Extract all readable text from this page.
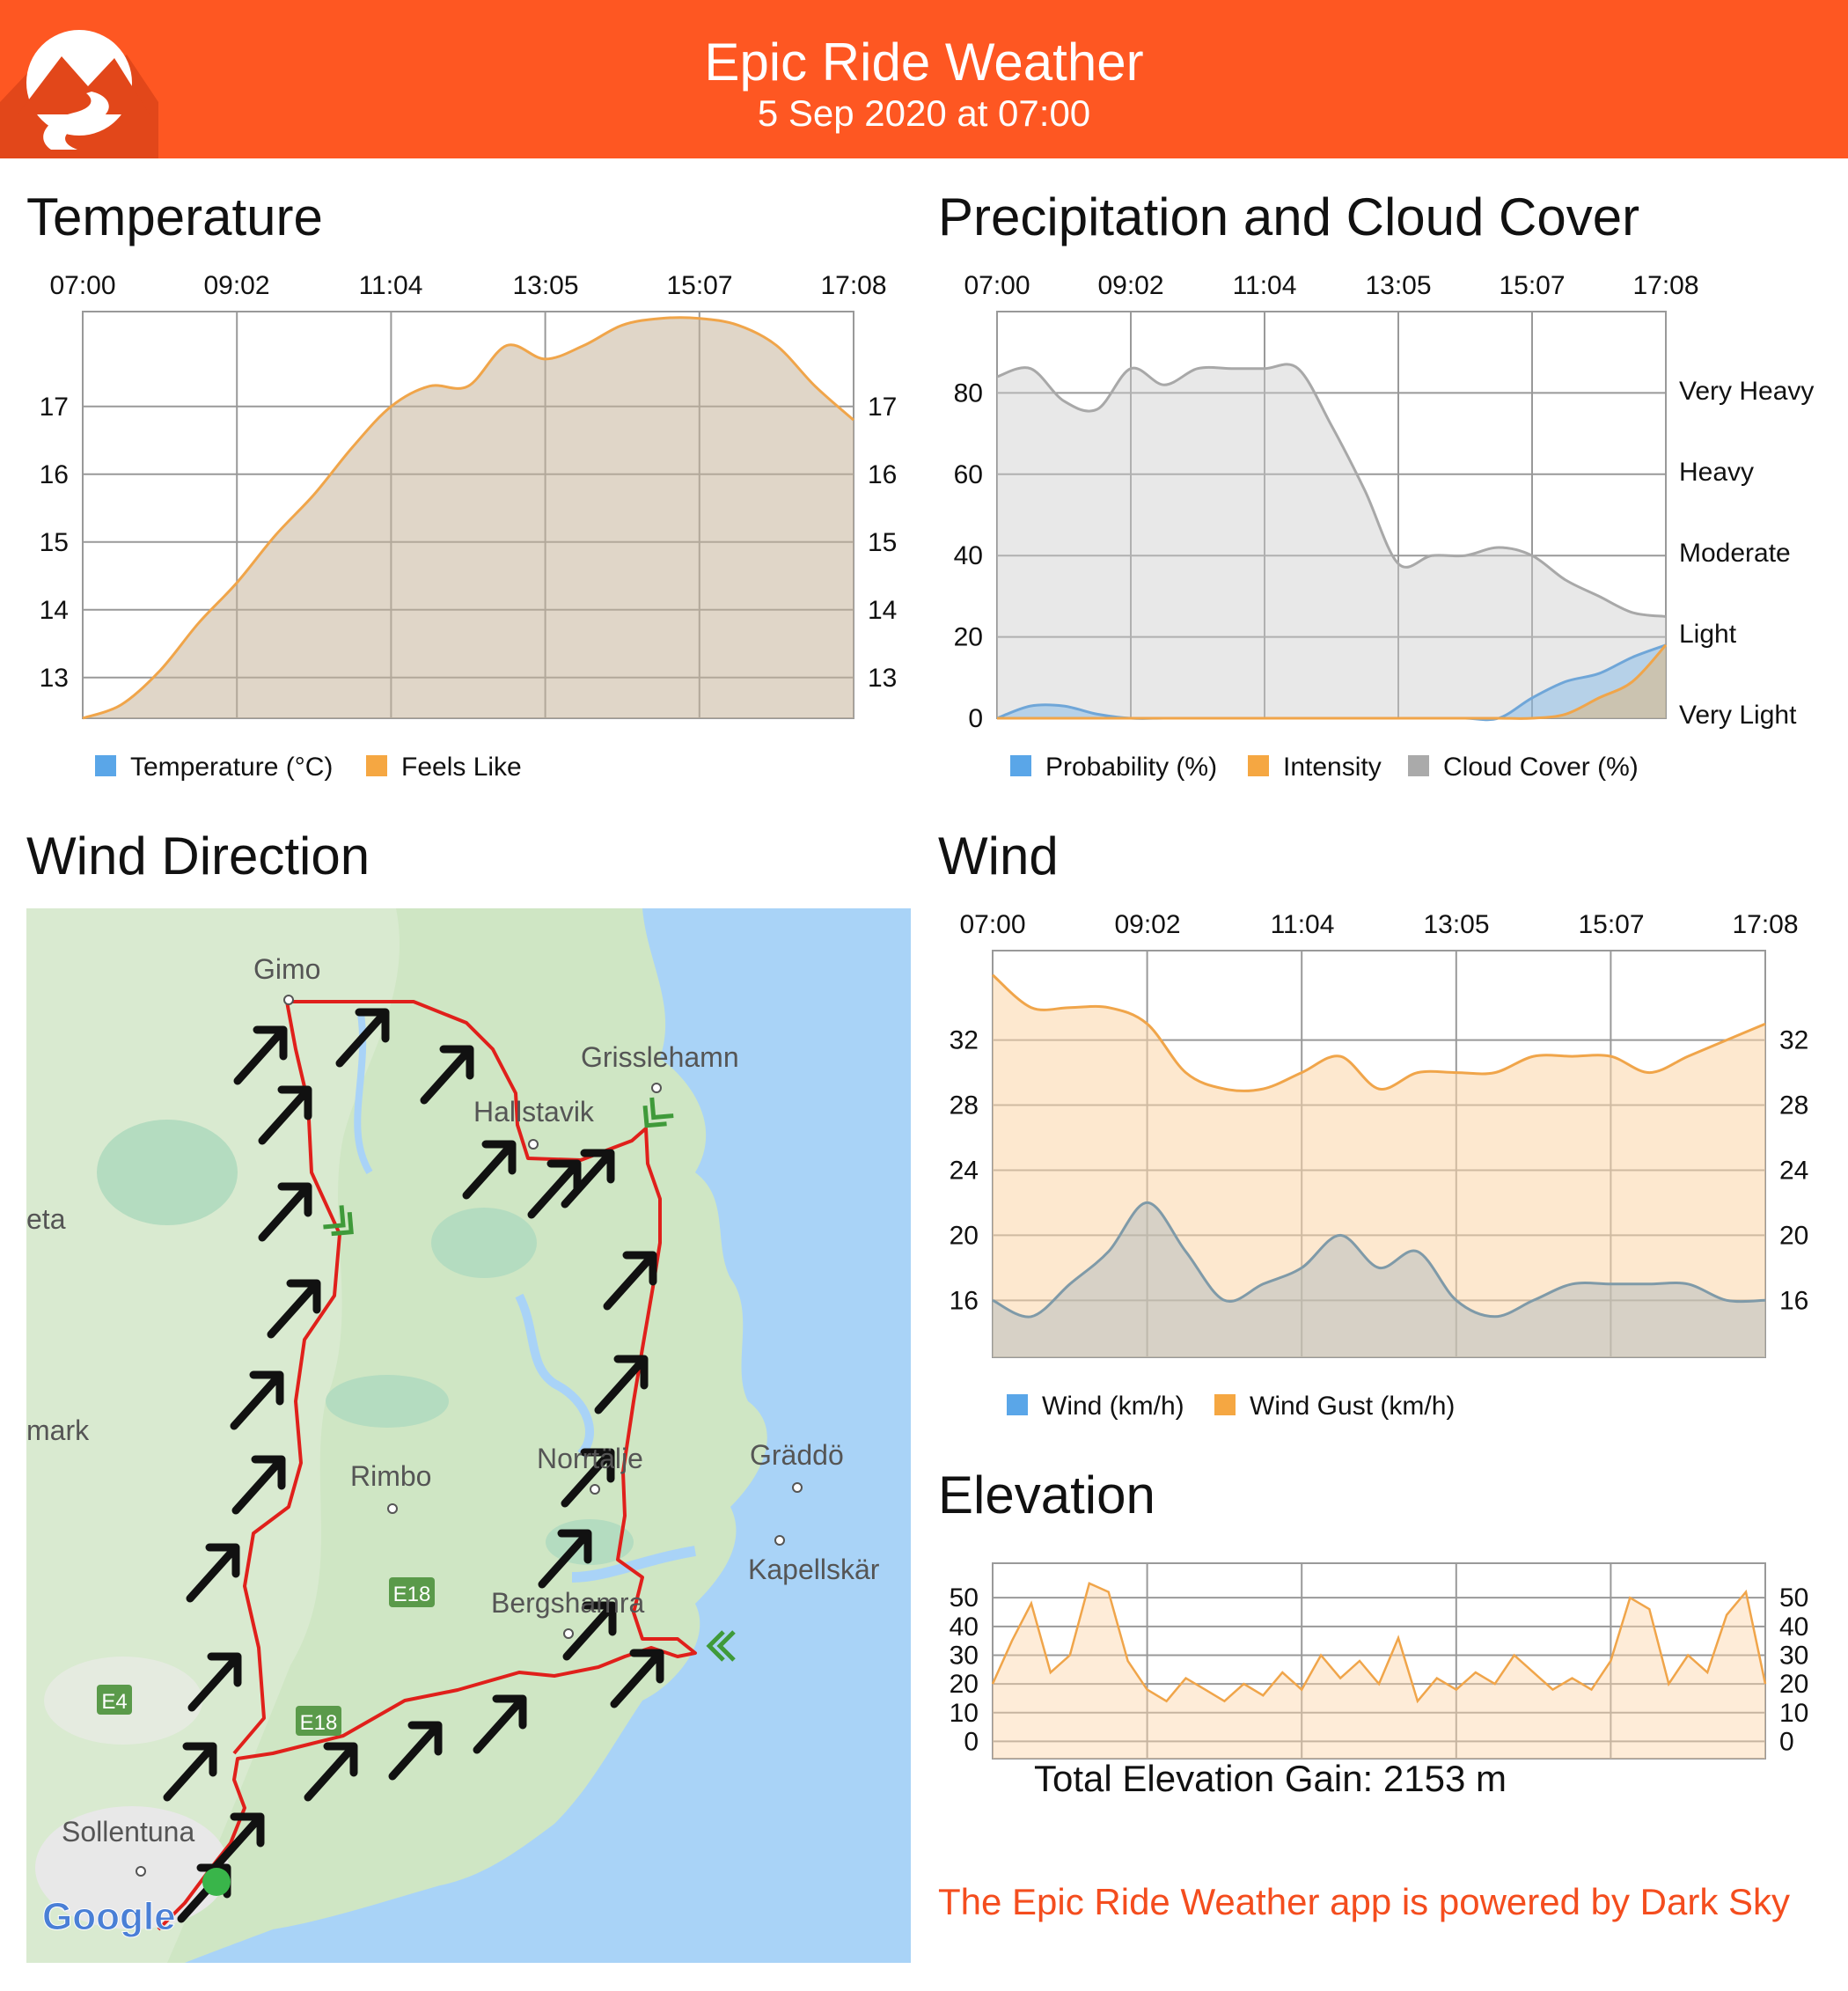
Epic Ride Weather
5 Sep 2020 at 07:00
Temperature
07:00	09:02	11:04	13:05	15:07	17:08
13	13
14	14
15	15
16	16
17	17
Temperature (°C)	Feels Like
Precipitation and Cloud Cover
07:00	09:02	11:04	13:05	15:07	17:08
Very Heavy
Heavy
Moderate
Light
Very Light
0
20
40
60
80
Probability (%) Intensity Cloud Cover (%)
Wind Direction
Gimo
Grisslehamn
Hallstavik
eta
mark
Rimbo
Norrtälje	Gräddö
Kapellskär
Bergshamra
Sollentuna
E18
E4
E18
Google
Wind
07:00	09:02	11:04	13:05	15:07	17:08
16	16
20	20
24	24
28	28
32	32
Wind (km/h) Wind Gust (km/h)
Elevation
0	0
10	10
20	20
30	30
40	40
50	50
Total Elevation Gain: 2153 m
The Epic Ride Weather app is powered by Dark Sky
